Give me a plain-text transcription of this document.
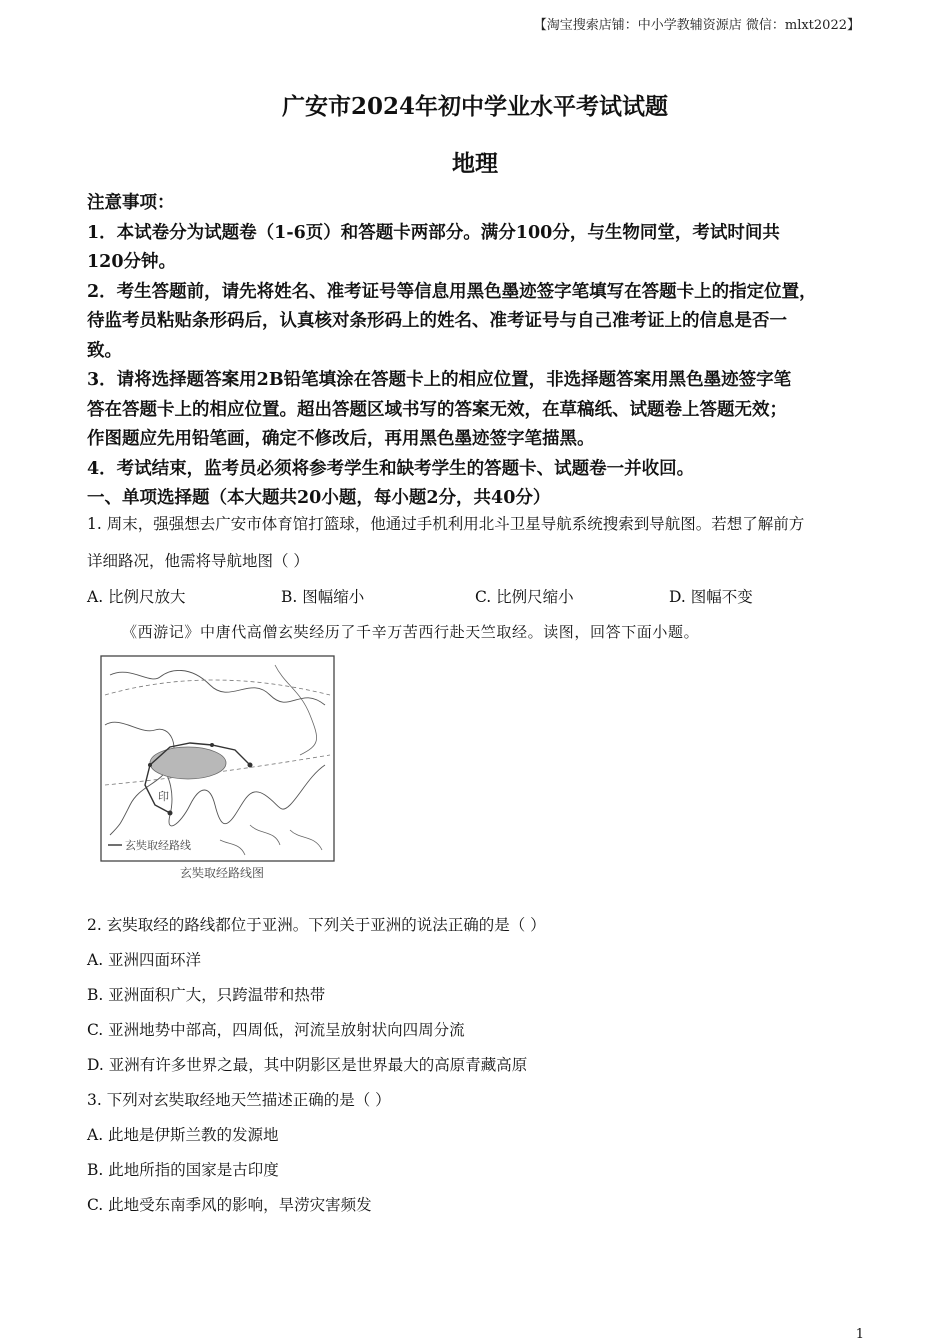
【淘宝搜索店铺：中小学教辅资源店 微信：mlxt2022】
广安市2024年初中学业水平考试试题
地理

注意事项：

1．本试卷分为试题卷（1-6页）和答题卡两部分。满分100分，与生物同堂，考试时间共

120分钟。

2．考生答题前，请先将姓名、准考证号等信息用黑色墨迹签字笔填写在答题卡上的指定位置，

待监考员粘贴条形码后，认真核对条形码上的姓名、准考证号与自己准考证上的信息是否一

致。

3．请将选择题答案用2B铅笔填涂在答题卡上的相应位置，非选择题答案用黑色墨迹签字笔

答在答题卡上的相应位置。超出答题区域书写的答案无效，在草稿纸、试题卷上答题无效；

作图题应先用铅笔画，确定不修改后，再用黑色墨迹签字笔描黑。

4．考试结束，监考员必须将参考学生和缺考学生的答题卡、试题卷一并收回。

一、单项选择题（本大题共20小题，每小题2分，共40分）

1. 周末，强强想去广安市体育馆打篮球，他通过手机利用北斗卫星导航系统搜索到导航图。若想了解前方
详细路况，他需将导航地图（ ）
A. 比例尺放大	B. 图幅缩小	C. 比例尺缩小	D. 图幅不变
《西游记》中唐代高僧玄奘经历了千辛万苦西行赴天竺取经。读图，回答下面小题。
印
玄奘取经路线
玄奘取经路线图
2. 玄奘取经的路线都位于亚洲。下列关于亚洲的说法正确的是（ ）
A. 亚洲四面环洋
B. 亚洲面积广大，只跨温带和热带
C. 亚洲地势中部高，四周低，河流呈放射状向四周分流
D. 亚洲有许多世界之最，其中阴影区是世界最大的高原青藏高原
3. 下列对玄奘取经地天竺描述正确的是（ ）
A. 此地是伊斯兰教的发源地
B. 此地所指的国家是古印度
C. 此地受东南季风的影响，旱涝灾害频发
1
